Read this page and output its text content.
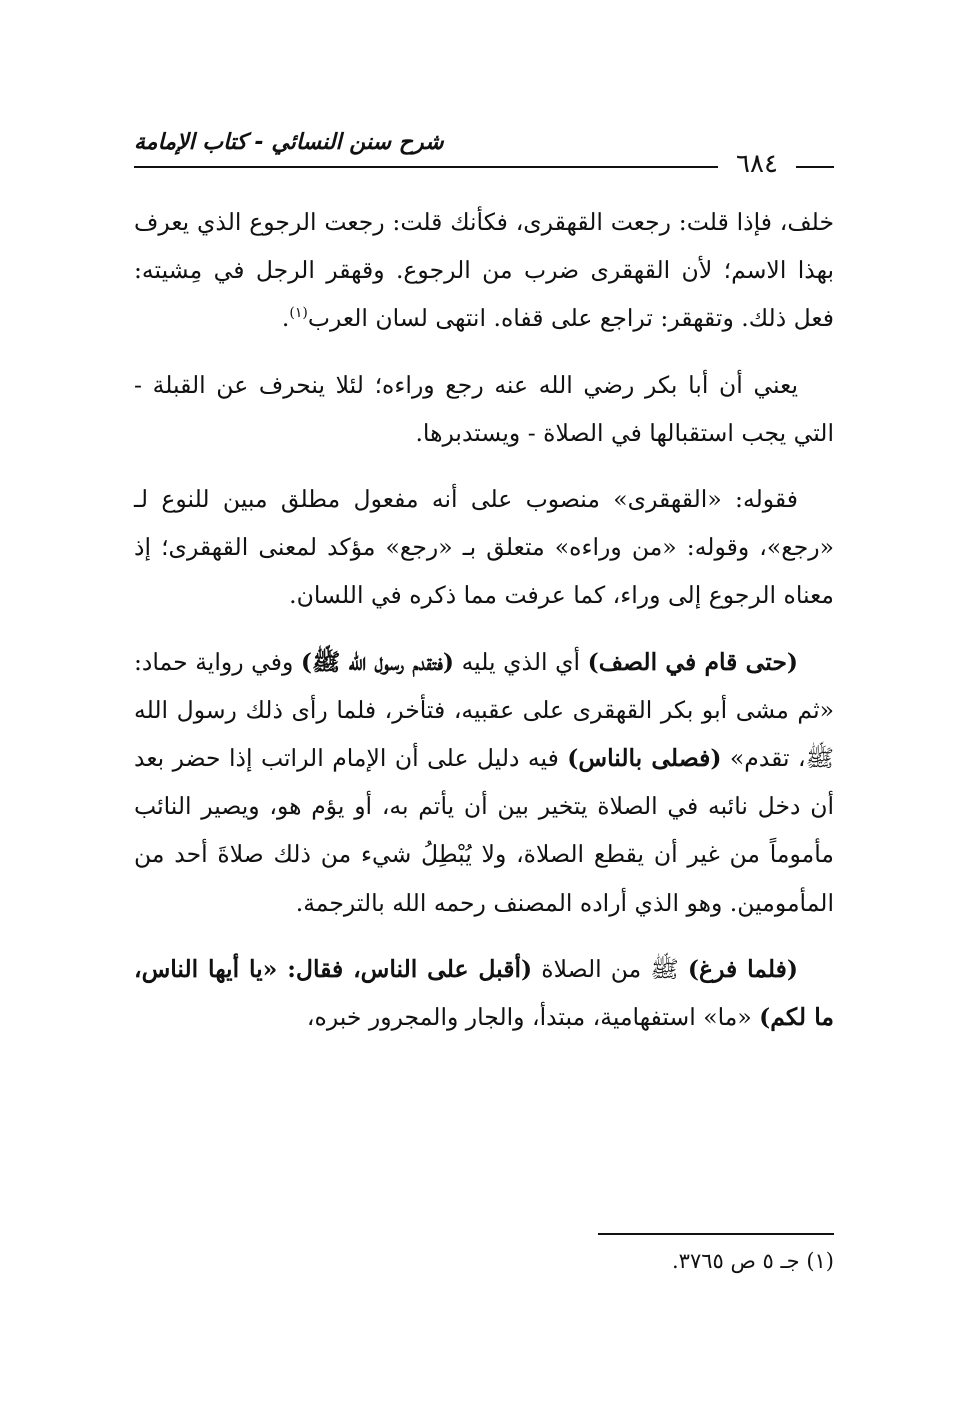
شرح سنن النسائي - كتاب الإمامة
٦٨٤

خلف، فإذا قلت: رجعت القهقرى، فكأنك قلت: رجعت الرجوع الذي يعرف بهذا الاسم؛ لأن القهقرى ضرب من الرجوع. وقهقر الرجل في مِشيته: فعل ذلك. وتقهقر: تراجع على قفاه. انتهى لسان العرب$^{(١)}$.

يعني أن أبا بكر رضي الله عنه رجع وراءه؛ لئلا ينحرف عن القبلة - التي يجب استقبالها في الصلاة - ويستدبرها.

فقوله: «القهقرى» منصوب على أنه مفعول مطلق مبين للنوع لـ «رجع»، وقوله: «من وراءه» متعلق بـ «رجع» مؤكد لمعنى القهقرى؛ إذ معناه الرجوع إلى وراء، كما عرفت مما ذكره في اللسان.

(حتى قام في الصف) أي الذي يليه (فتقدم رسول الله ﷺ) وفي رواية حماد: «ثم مشى أبو بكر القهقرى على عقبيه، فتأخر، فلما رأى ذلك رسول الله ﷺ، تقدم» (فصلى بالناس) فيه دليل على أن الإمام الراتب إذا حضر بعد أن دخل نائبه في الصلاة يتخير بين أن يأتم به، أو يؤم هو، ويصير النائب مأموماً من غير أن يقطع الصلاة، ولا يُبْطِلُ شيء من ذلك صلاةَ أحد من المأمومين. وهو الذي أراده المصنف رحمه الله بالترجمة.

(فلما فرغ) ﷺ من الصلاة (أقبل على الناس، فقال: «يا أيها الناس، ما لكم) «ما» استفهامية، مبتدأ، والجار والمجرور خبره،

(١) جـ ٥ ص ٣٧٦٥.
